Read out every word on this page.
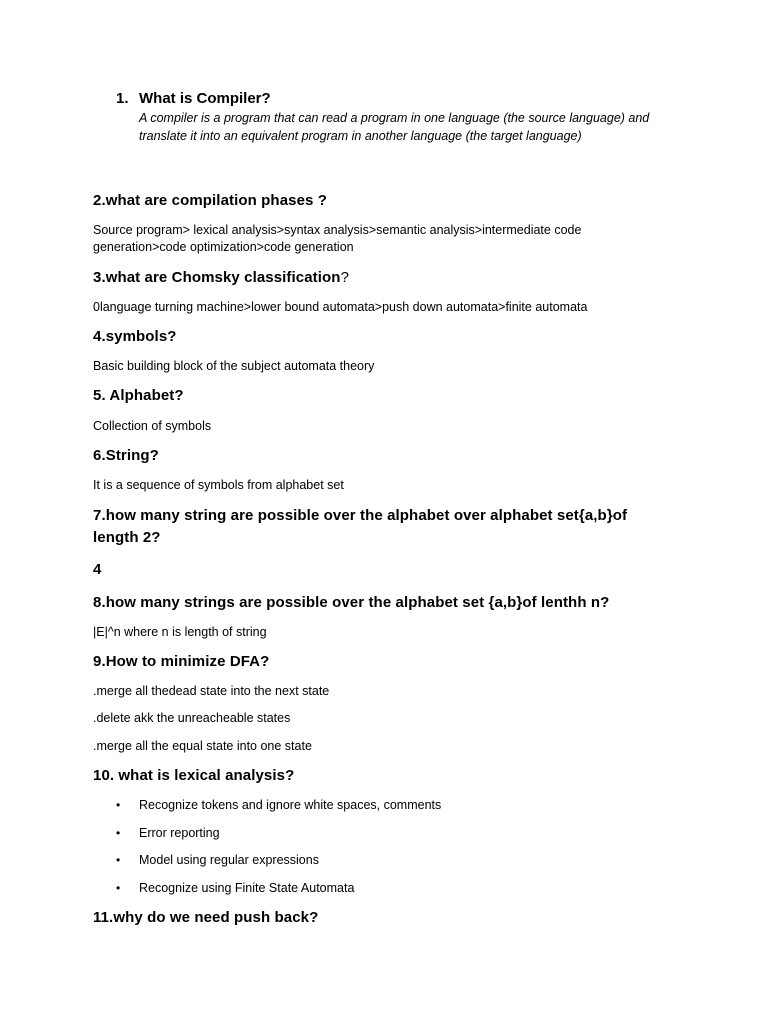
1. What is Compiler?
A compiler is a program that can read a program in one language (the source language) and
translate it into an equivalent program in another language (the target language)
2.what are compilation phases ?
Source program> lexical analysis>syntax analysis>semantic analysis>intermediate code
generation>code optimization>code generation
3.what are Chomsky classification?
0language turning machine>lower bound automata>push down automata>finite automata
4.symbols?
Basic building block of the subject automata theory
5. Alphabet?
Collection of symbols
6.String?
It is a sequence of symbols from alphabet set
7.how many string are possible over the alphabet over alphabet set{a,b}of
length 2?
4
8.how many strings are possible over the alphabet set {a,b}of lenthh n?
|E|^n where n is length of string
9.How to minimize DFA?
.merge all thedead state into the next state
.delete akk the unreacheable states
.merge all the equal state into one state
10. what is lexical analysis?
• Recognize tokens and ignore white spaces, comments
• Error reporting
• Model using regular expressions
• Recognize using Finite State Automata
11.why do we need push back?
